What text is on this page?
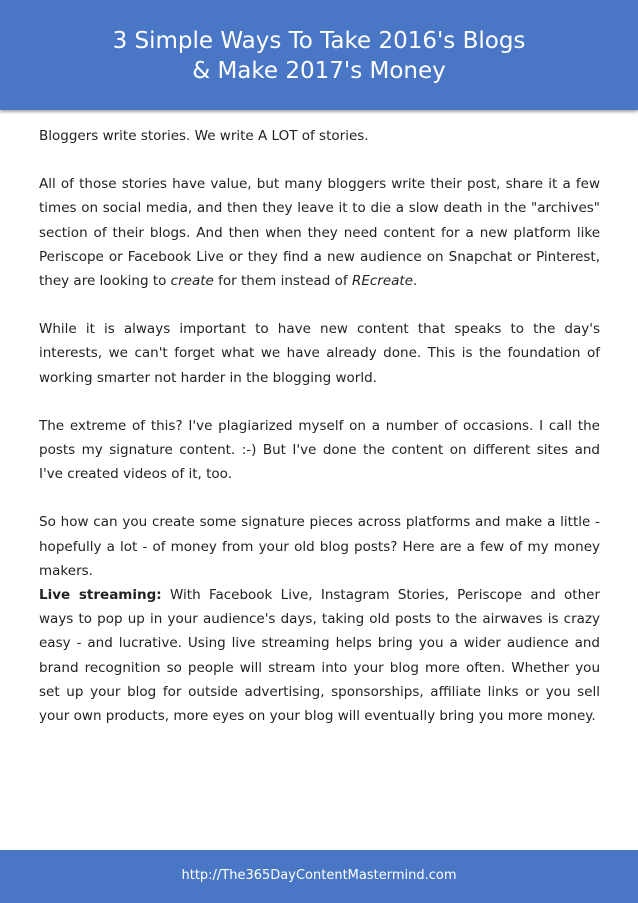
3 Simple Ways To Take 2016's Blogs
& Make 2017's Money

Bloggers write stories. We write A LOT of stories.

All of those stories have value, but many bloggers write their post, share it a few times on social media, and then they leave it to die a slow death in the "archives" section of their blogs. And then when they need content for a new platform like Periscope or Facebook Live or they find a new audience on Snapchat or Pinterest, they are looking to create for them instead of REcreate.

While it is always important to have new content that speaks to the day's interests, we can't forget what we have already done. This is the foundation of working smarter not harder in the blogging world.

The extreme of this? I've plagiarized myself on a number of occasions. I call the posts my signature content. :-) But I've done the content on different sites and I've created videos of it, too.

So how can you create some signature pieces across platforms and make a little - hopefully a lot - of money from your old blog posts? Here are a few of my money makers.

Live streaming: With Facebook Live, Instagram Stories, Periscope and other ways to pop up in your audience's days, taking old posts to the airwaves is crazy easy - and lucrative. Using live streaming helps bring you a wider audience and brand recognition so people will stream into your blog more often. Whether you set up your blog for outside advertising, sponsorships, affiliate links or you sell your own products, more eyes on your blog will eventually bring you more money.

http://The365DayContentMastermind.com
